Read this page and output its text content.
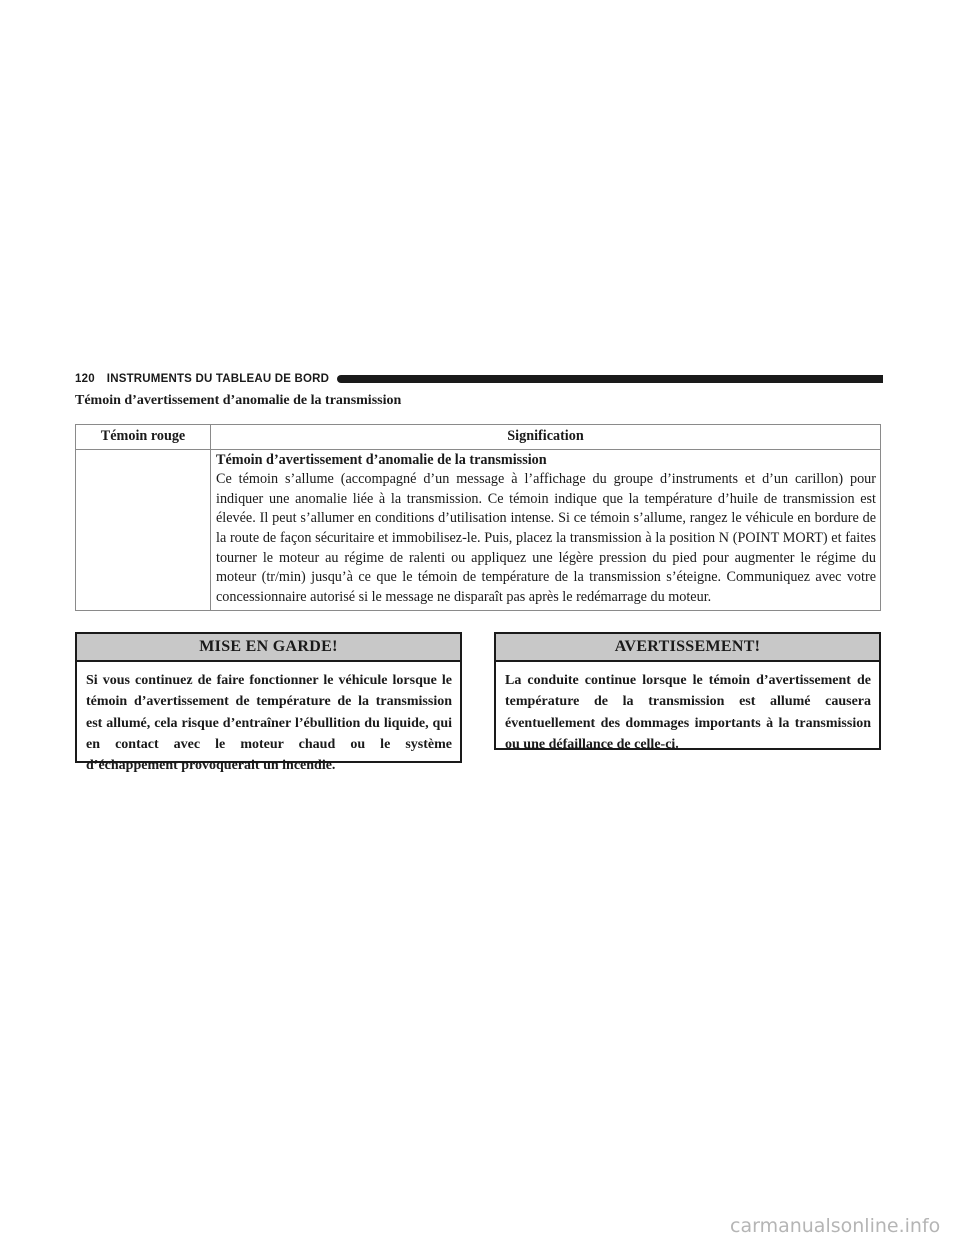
120 INSTRUMENTS DU TABLEAU DE BORD
Témoin d’avertissement d’anomalie de la transmission
Témoin rouge	Signification

	Témoin d’avertissement d’anomalie de la transmission
Ce témoin s’allume (accompagné d’un message à l’affichage du groupe d’instruments et d’un carillon) pour indiquer une anomalie liée à la transmission. Ce témoin indique que la température d’huile de transmission est élevée. Il peut s’allumer en conditions d’utilisation intense. Si ce témoin s’allume, rangez le véhicule en bordure de la route de façon sécuritaire et immobilisez-le. Puis, placez la transmission à la position N (POINT MORT) et faites tourner le moteur au régime de ralenti ou appliquez une légère pression du pied pour augmenter le régime du moteur (tr/min) jusqu’à ce que le témoin de température de la transmission s’éteigne. Communiquez avec votre concessionnaire autorisé si le message ne disparaît pas après le redémarrage du moteur.
MISE EN GARDE!
Si vous continuez de faire fonctionner le véhicule lorsque le témoin d’avertissement de température de la transmission est allumé, cela risque d’entraîner l’ébullition du liquide, qui en contact avec le moteur chaud ou le système d’échappement provoquerait un incendie.
AVERTISSEMENT!
La conduite continue lorsque le témoin d’avertissement de température de la transmission est allumé causera éventuellement des dommages importants à la transmission ou une défaillance de celle-ci.
carmanualsonline.info
